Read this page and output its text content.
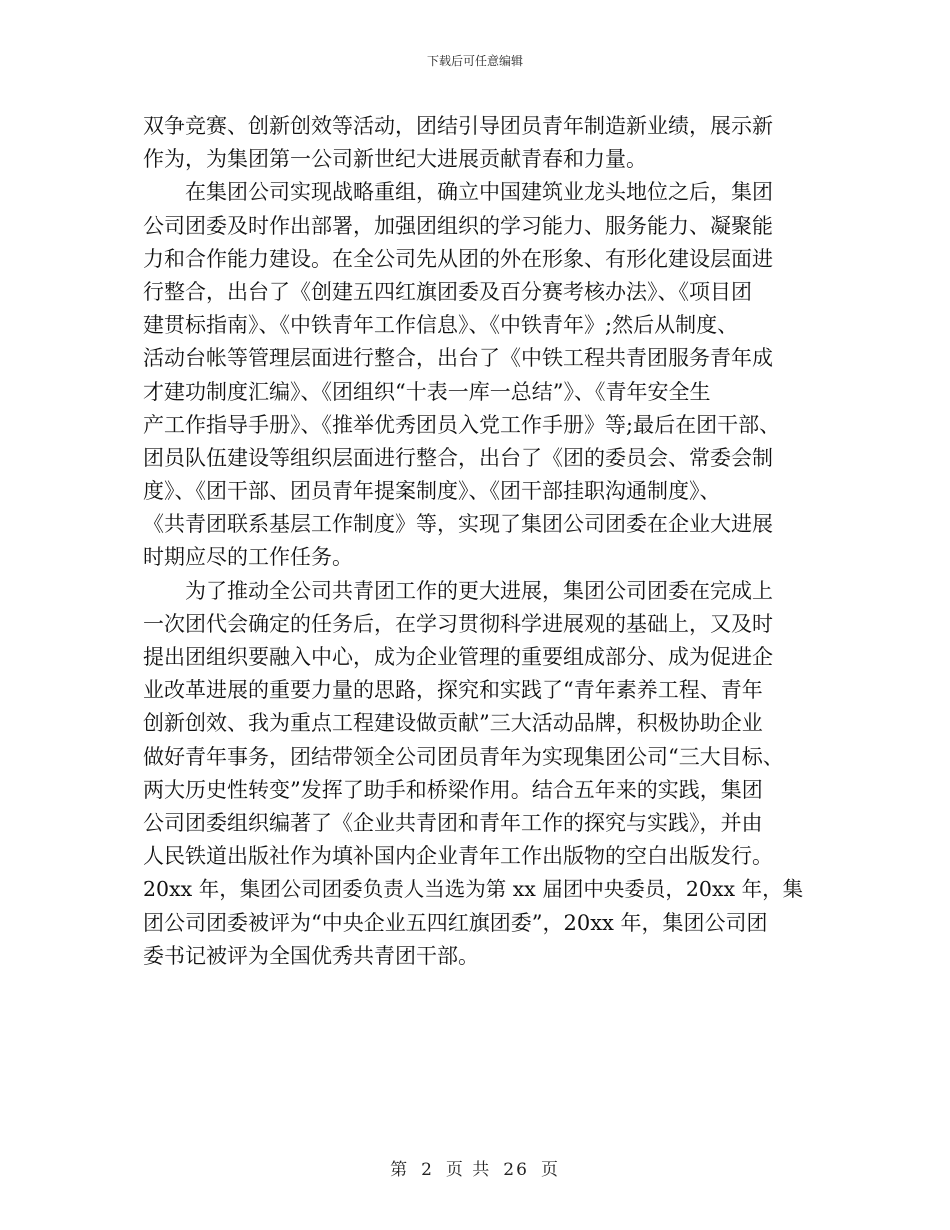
下载后可任意编辑
双争竞赛、创新创效等活动，团结引导团员青年制造新业绩，展示新
作为，为集团第一公司新世纪大进展贡献青春和力量。
在集团公司实现战略重组，确立中国建筑业龙头地位之后，集团
公司团委及时作出部署，加强团组织的学习能力、服务能力、凝聚能
力和合作能力建设。在全公司先从团的外在形象、有形化建设层面进
行整合，出台了《创建五四红旗团委及百分赛考核办法》、《项目团
建贯标指南》、《中铁青年工作信息》、《中铁青年》;然后从制度、
活动台帐等管理层面进行整合，出台了《中铁工程共青团服务青年成
才建功制度汇编》、《团组织“十表一库一总结”》、《青年安全生
产工作指导手册》、《推举优秀团员入党工作手册》等;最后在团干部、
团员队伍建设等组织层面进行整合，出台了《团的委员会、常委会制
度》、《团干部、团员青年提案制度》、《团干部挂职沟通制度》、
《共青团联系基层工作制度》等，实现了集团公司团委在企业大进展
时期应尽的工作任务。
为了推动全公司共青团工作的更大进展，集团公司团委在完成上
一次团代会确定的任务后，在学习贯彻科学进展观的基础上，又及时
提出团组织要融入中心，成为企业管理的重要组成部分、成为促进企
业改革进展的重要力量的思路，探究和实践了“青年素养工程、青年
创新创效、我为重点工程建设做贡献”三大活动品牌，积极协助企业
做好青年事务，团结带领全公司团员青年为实现集团公司“三大目标、
两大历史性转变”发挥了助手和桥梁作用。结合五年来的实践，集团
公司团委组织编著了《企业共青团和青年工作的探究与实践》，并由
人民铁道出版社作为填补国内企业青年工作出版物的空白出版发行。
20xx 年，集团公司团委负责人当选为第 xx 届团中央委员，20xx 年，集
团公司团委被评为“中央企业五四红旗团委”，20xx 年，集团公司团
委书记被评为全国优秀共青团干部。
第 2 页 共 26 页
